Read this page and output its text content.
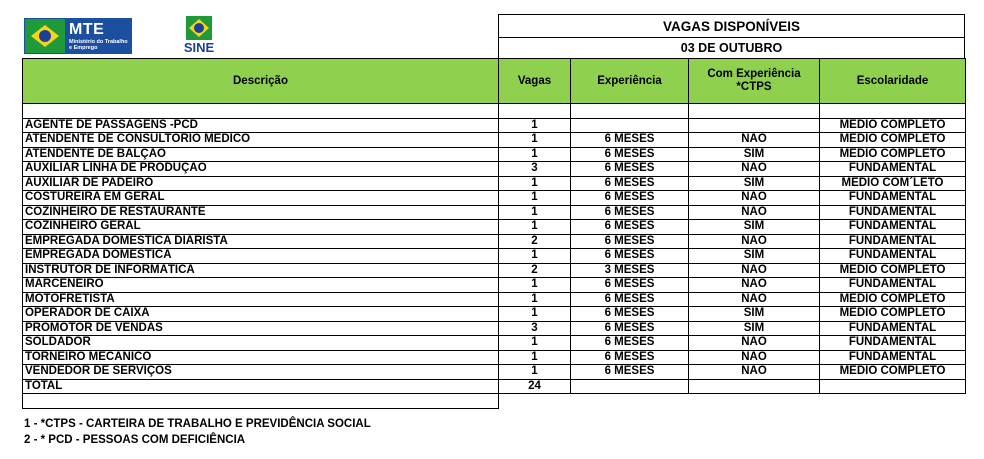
MTE
Ministério do Trabalho e Emprego	SINE
VAGAS DISPONÍVEIS
03 DE OUTUBRO
Descrição	Vagas	Experiência	Com Experiência *CTPS	Escolaridade

AGENTE DE PASSAGENS -PCD	1			MÉDIO COMPLETO
ATENDENTE DE CONSULTÓRIO MÉDICO	1	6 MESES	NÃO	MEDIO COMPLETO
ATENDENTE DE BALÇÃO	1	6 MESES	SIM	MEDIO COMPLETO
AUXILIAR LINHA DE PRODUÇÃO	3	6 MESES	NÃO	FUNDAMENTAL
AUXILIAR DE PADEIRO	1	6 MESES	SIM	MÉDIO COM´LETO
COSTUREIRA EM GERAL	1	6 MESES	NÃO	FUNDAMENTAL
COZINHEIRO DE RESTAURANTE	1	6 MESES	NÃO	FUNDAMENTAL
COZINHEIRO GERAL	1	6 MESES	SIM	FUNDAMENTAL
EMPREGADA DOMESTICA DIARISTA	2	6 MESES	NÃO	FUNDAMENTAL
EMPREGADA DOMESTICA	1	6 MESES	SIM	FUNDAMENTAL
INSTRUTOR DE INFORMÁTICA	2	3 MESES	NÃO	MÉDIO COMPLETO
MARCENEIRO	1	6 MESES	NÃO	FUNDAMENTAL
MOTOFRETISTA	1	6 MESES	NÃO	MÉDIO COMPLETO
OPERADOR DE CAIXA	1	6 MESES	SIM	MÉDIO COMPLETO
PROMOTOR DE VENDAS	3	6 MESES	SIM	FUNDAMENTAL
SOLDADOR	1	6 MESES	NÃO	FUNDAMENTAL
TORNEIRO MECANICO	1	6 MESES	NÃO	FUNDAMENTAL
VENDEDOR DE SERVIÇOS	1	6 MESES	NÃO	MÉDIO COMPLETO
TOTAL	24			

1 - *CTPS - CARTEIRA DE TRABALHO E PREVIDÊNCIA SOCIAL
2 - * PCD - PESSOAS COM DEFICIÊNCIA
